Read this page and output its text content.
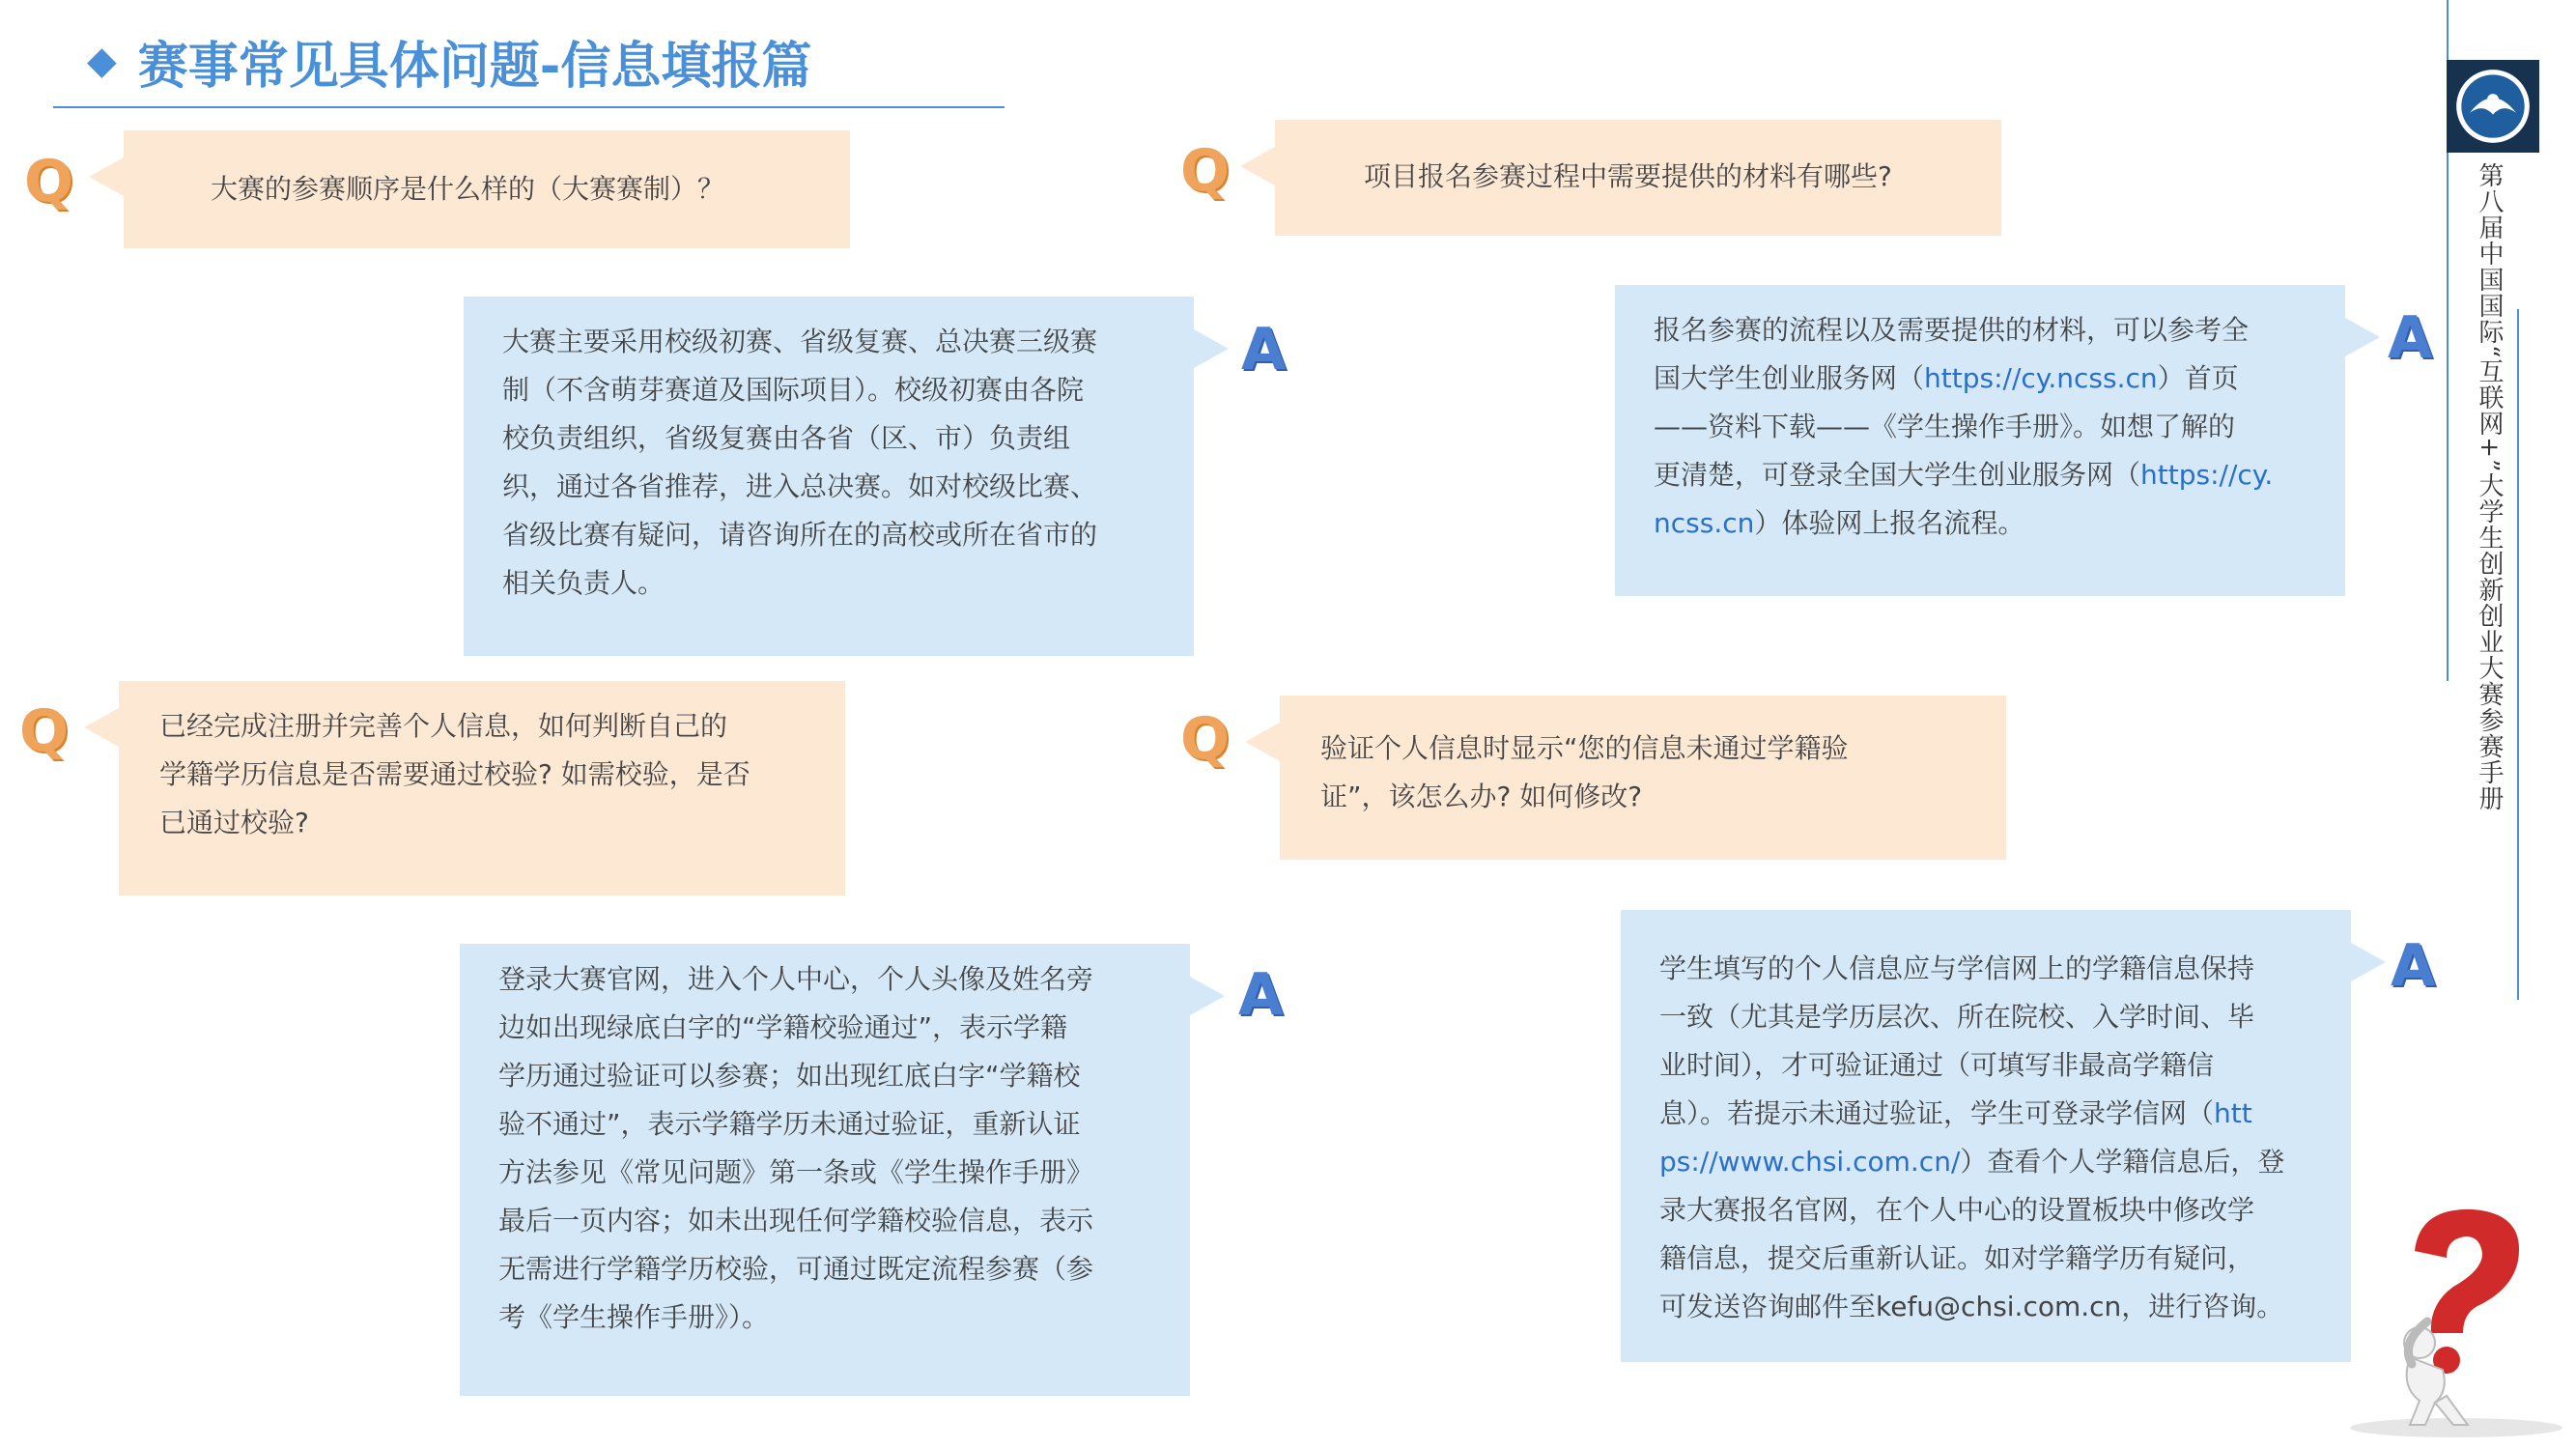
◆ 赛事常见具体问题-信息填报篇
Q	大赛的参赛顺序是什么样的（大赛赛制）？
A
大赛主要采用校级初赛、省级复赛、总决赛三级赛
制（不含萌芽赛道及国际项目）。校级初赛由各院
校负责组织，省级复赛由各省（区、市）负责组
织，通过各省推荐，进入总决赛。如对校级比赛、
省级比赛有疑问，请咨询所在的高校或所在省市的
相关负责人。
Q	项目报名参赛过程中需要提供的材料有哪些?
A
报名参赛的流程以及需要提供的材料，可以参考全
国大学生创业服务网（https://cy.ncss.cn）首页
——资料下载——《学生操作手册》。如想了解的
更清楚，可登录全国大学生创业服务网（https://cy.
ncss.cn）体验网上报名流程。
Q	已经完成注册并完善个人信息，如何判断自己的
学籍学历信息是否需要通过校验? 如需校验，是否
已通过校验?
A
登录大赛官网，进入个人中心，个人头像及姓名旁
边如出现绿底白字的“学籍校验通过”，表示学籍
学历通过验证可以参赛；如出现红底白字“学籍校
验不通过”，表示学籍学历未通过验证，重新认证
方法参见《常见问题》第一条或《学生操作手册》
最后一页内容；如未出现任何学籍校验信息，表示
无需进行学籍学历校验，可通过既定流程参赛（参
考《学生操作手册》）。
Q	验证个人信息时显示“您的信息未通过学籍验
证”，该怎么办? 如何修改?
A
学生填写的个人信息应与学信网上的学籍信息保持
一致（尤其是学历层次、所在院校、入学时间、毕
业时间），才可验证通过（可填写非最高学籍信
息）。若提示未通过验证，学生可登录学信网（htt
ps://www.chsi.com.cn/）查看个人学籍信息后，登
录大赛报名官网，在个人中心的设置板块中修改学
籍信息，提交后重新认证。如对学籍学历有疑问，
可发送咨询邮件至kefu@chsi.com.cn，进行咨询。
第八届中国国际“互联网+”大学生创新创业大赛参赛手册
